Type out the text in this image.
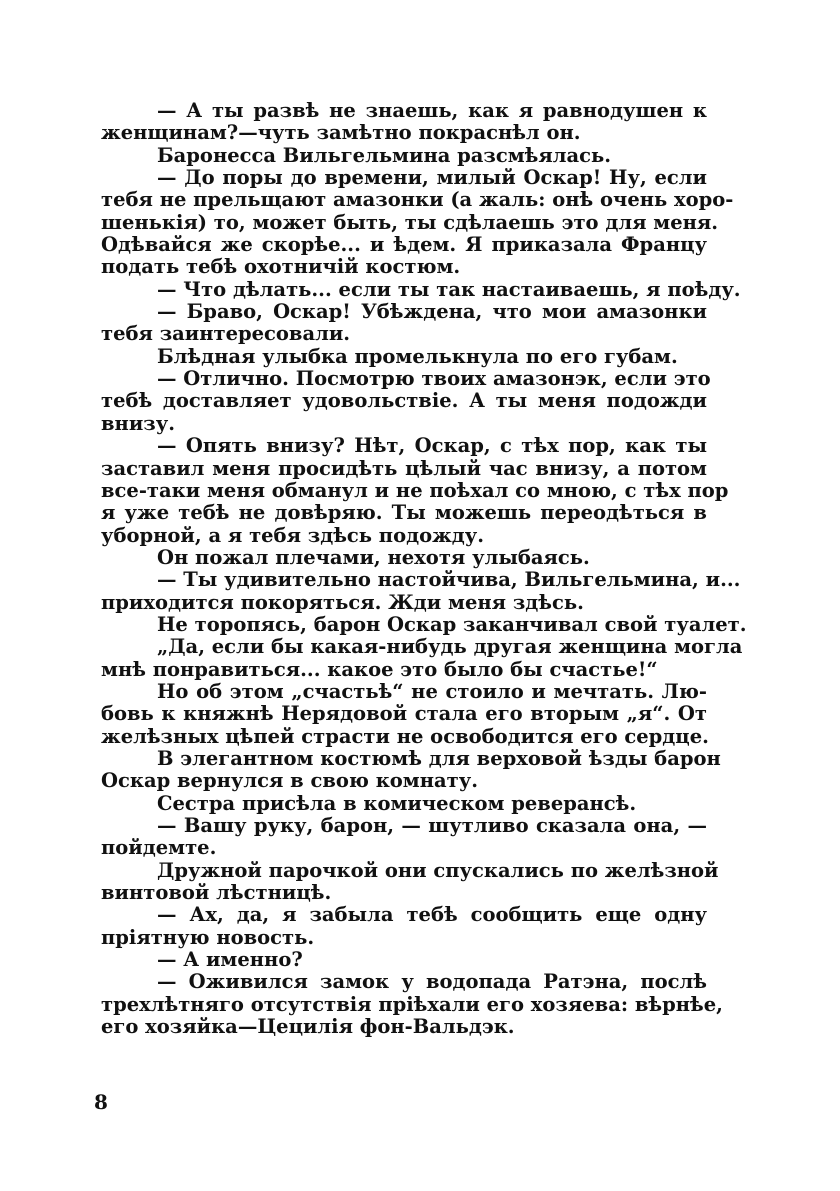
— А ты развѣ не знаешь, как я равнодушен к
женщинам?—чуть замѣтно покраснѣл он.
Баронесса Вильгельмина разсмѣялась.
— До поры до времени, милый Оскар! Ну, если
тебя не прельщают амазонки (а жаль: онѣ очень хоро-
шенькія) то, может быть, ты сдѣлаешь это для меня.
Одѣвайся же скорѣе... и ѣдем. Я приказала Францу
подать тебѣ охотничій костюм.
— Что дѣлать... если ты так настаиваешь, я поѣду.
— Браво, Оскар! Убѣждена, что мои амазонки
тебя заинтересовали.
Блѣдная улыбка промелькнула по его губам.
— Отлично. Посмотрю твоих амазонэк, если это
тебѣ доставляет удовольствіе. А ты меня подожди
внизу.
— Опять внизу? Нѣт, Оскар, с тѣх пор, как ты
заставил меня просидѣть цѣлый час внизу, а потом
все-таки меня обманул и не поѣхал со мною, с тѣх пор
я уже тебѣ не довѣряю. Ты можешь переодѣться в
уборной, а я тебя здѣсь подожду.
Он пожал плечами, нехотя улыбаясь.
— Ты удивительно настойчива, Вильгельмина, и...
приходится покоряться. Жди меня здѣсь.
Не торопясь, барон Оскар заканчивал свой туалет.
„Да, если бы какая-нибудь другая женщина могла
мнѣ понравиться... какое это было бы счастье!“
Но об этом „счастьѣ“ не стоило и мечтать. Лю-
бовь к княжнѣ Нерядовой стала его вторым „я“. От
желѣзных цѣпей страсти не освободится его сердце.
В элегантном костюмѣ для верховой ѣзды барон
Оскар вернулся в свою комнату.
Сестра присѣла в комическом реверансѣ.
— Вашу руку, барон, — шутливо сказала она, —
пойдемте.
Дружной парочкой они спускались по желѣзной
винтовой лѣстницѣ.
— Ах, да, я забыла тебѣ сообщить еще одну
пріятную новость.
— А именно?
— Оживился замок у водопада Ратэна, послѣ
трехлѣтняго отсутствія пріѣхали его хозяева: вѣрнѣе,
его хозяйка—Цецилія фон-Вальдэк.
8
